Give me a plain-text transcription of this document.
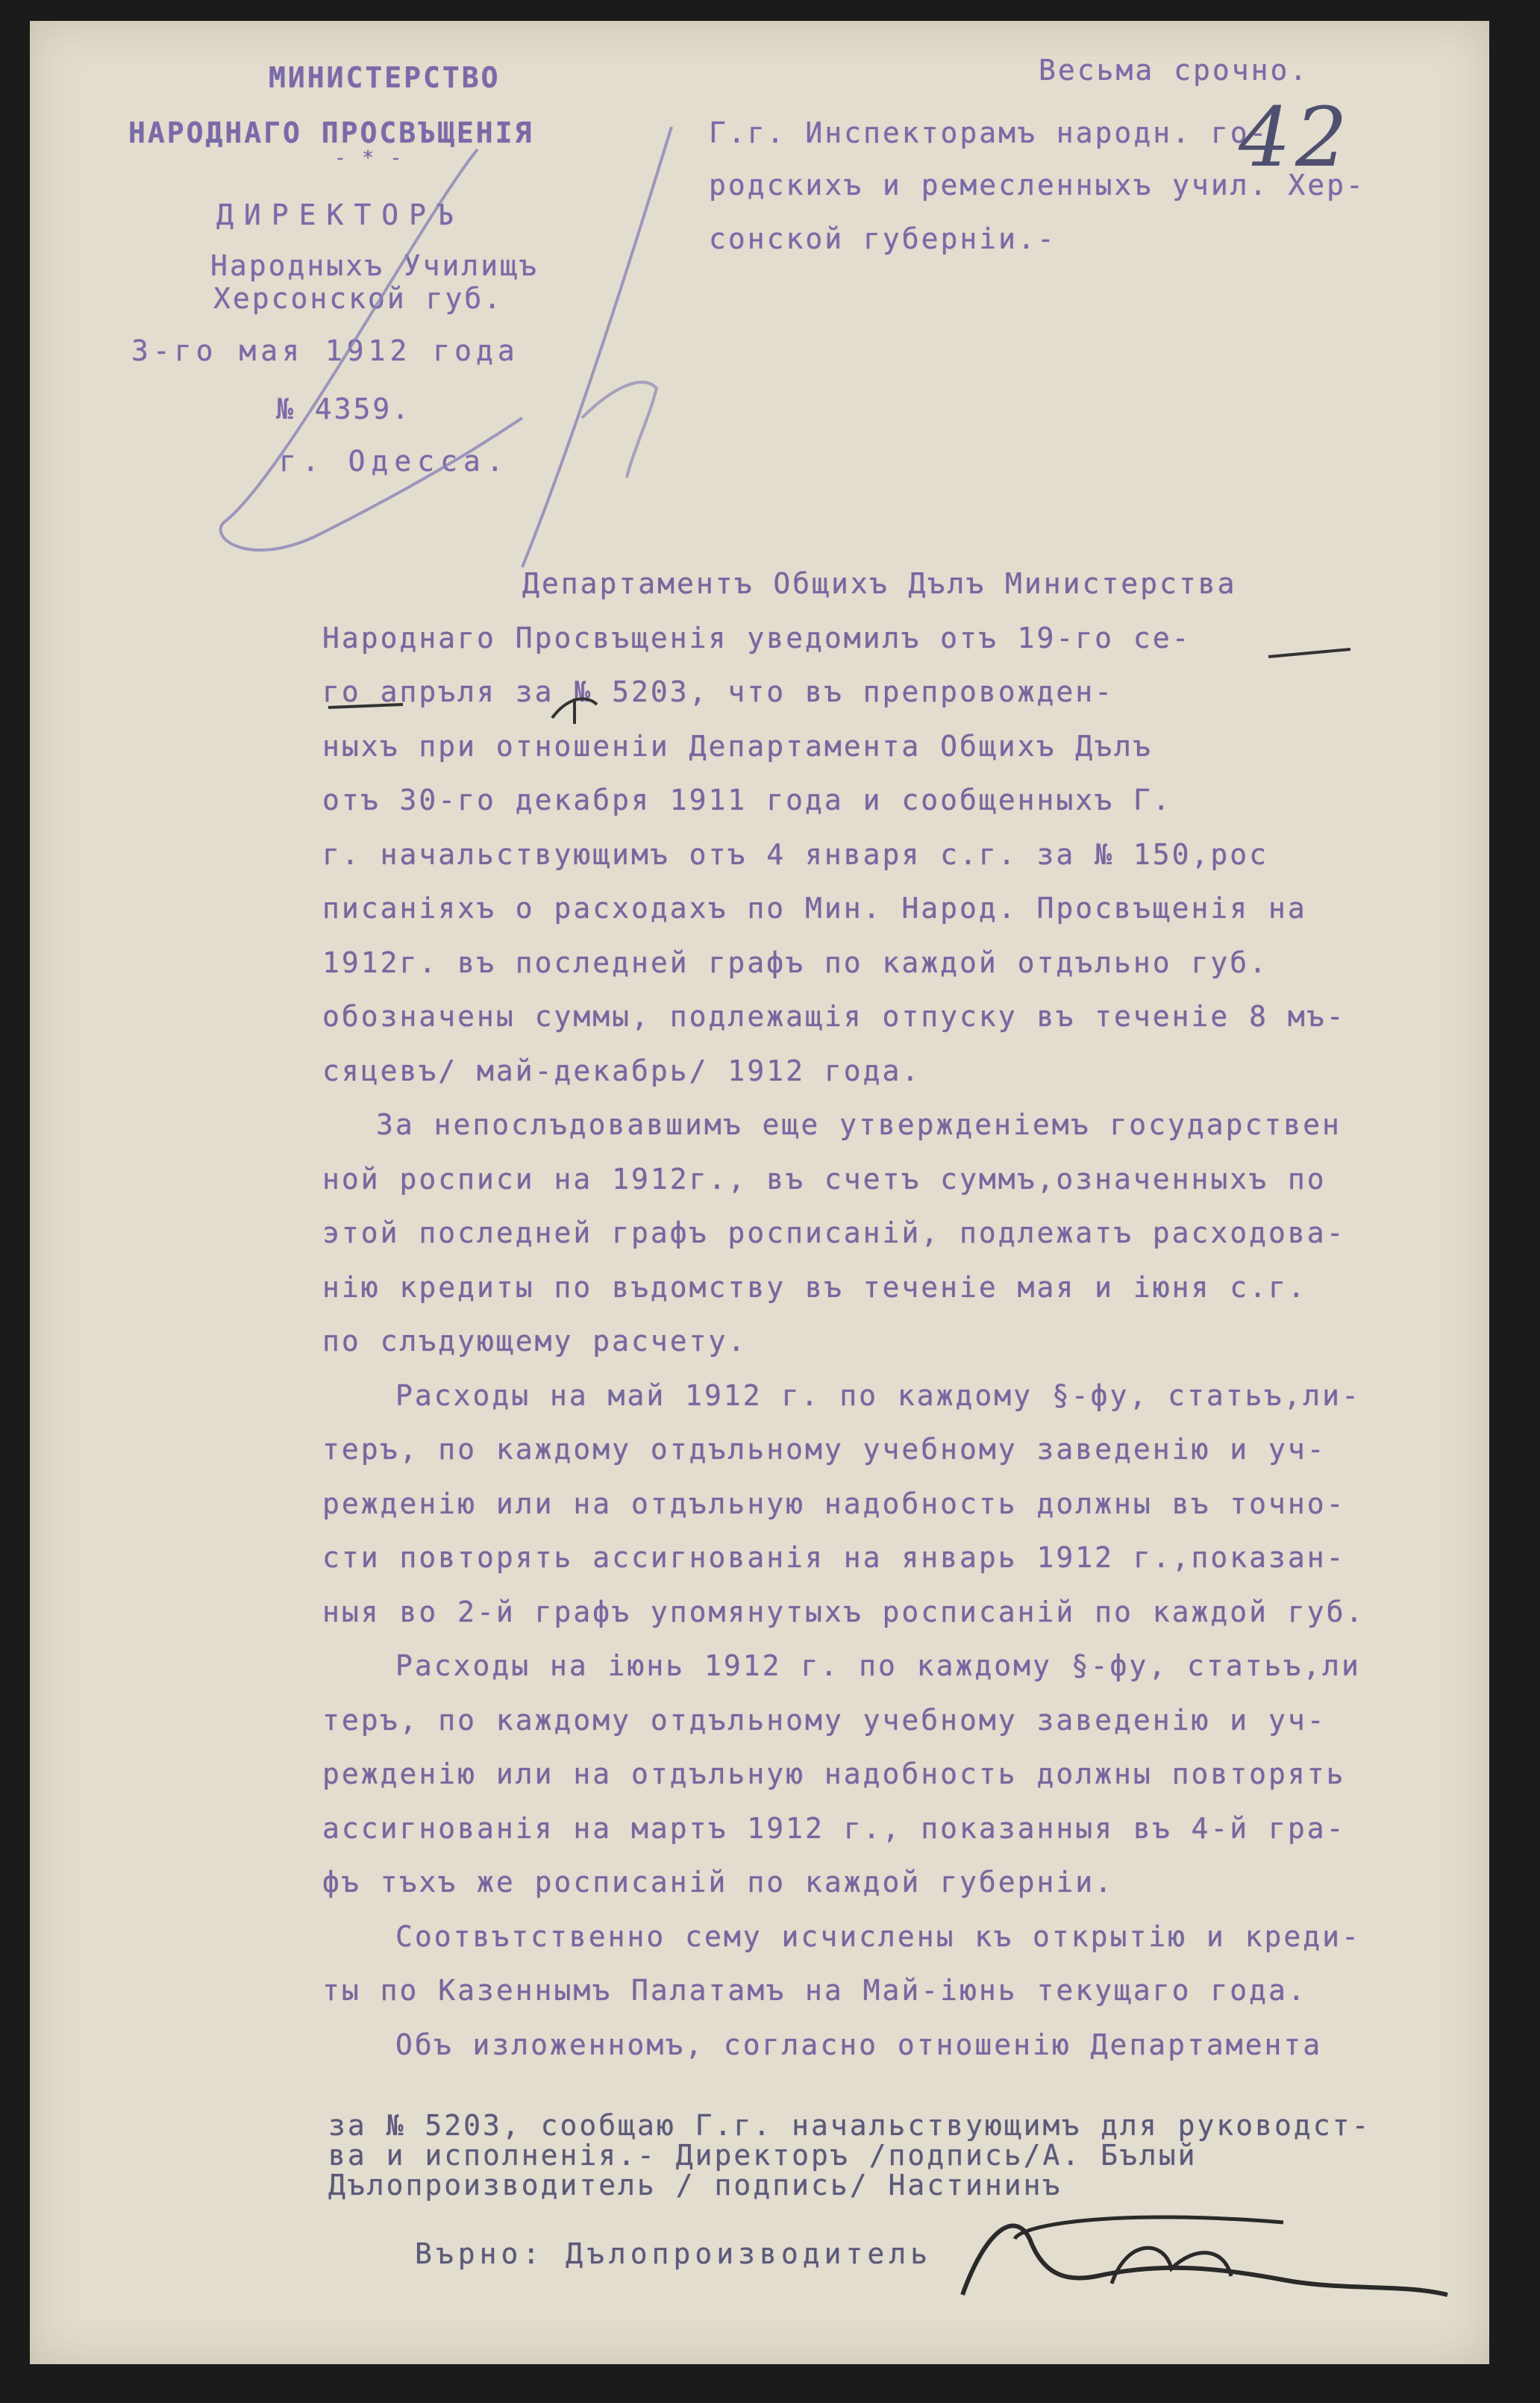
МИНИСТЕРСТВО

НАРОДНАГО ПРОСВЪЩЕНІЯ

- * -

ДИРЕКТОРЪ

Народныхъ Училищъ

Херсонской губ.

3-го мая 1912 года

№ 4359.

г. Одесса.

Весьма срочно.

Г.г. Инспекторамъ народн. го-

родскихъ и ремесленныхъ учил. Хер-

сонской губерніи.-

42

Департаментъ Общихъ Дълъ Министерства

Народнаго Просвъщенія уведомилъ отъ 19-го се-

го апръля за № 5203, что въ препровожден-

ныхъ при отношеніи Департамента Общихъ Дълъ

отъ 30-го декабря 1911 года и сообщенныхъ Г.

г. начальствующимъ отъ 4 января с.г. за № 150,рос

писаніяхъ о расходахъ по Мин. Народ. Просвъщенія на

1912г. въ последней графъ по каждой отдъльно губ.

обозначены суммы, подлежащія отпуску въ теченіе 8 мъ-

сяцевъ/ май-декабрь/ 1912 года.

За непослъдовавшимъ еще утвержденіемъ государствен

ной росписи на 1912г., въ счетъ суммъ,означенныхъ по

этой последней графъ росписаній, подлежатъ расходова-

нію кредиты по въдомству въ теченіе мая и іюня с.г.

по слъдующему расчету.

Расходы на май 1912 г. по каждому §-фу, статьъ,ли-

теръ, по каждому отдъльному учебному заведенію и уч-

режденію или на отдъльную надобность должны въ точно-

сти повторять ассигнованія на январь 1912 г.,показан-

ныя во 2-й графъ упомянутыхъ росписаній по каждой губ.

Расходы на іюнь 1912 г. по каждому §-фу, статьъ,ли

теръ, по каждому отдъльному учебному заведенію и уч-

режденію или на отдъльную надобность должны повторять

ассигнованія на мартъ 1912 г., показанныя въ 4-й гра-

фъ тъхъ же росписаній по каждой губерніи.

Соотвътственно сему исчислены къ открытію и креди-

ты по Казеннымъ Палатамъ на Май-іюнь текущаго года.

Объ изложенномъ, согласно отношенію Департамента

за № 5203, сообщаю Г.г. начальствующимъ для руководст-

ва и исполненія.- Директоръ /подпись/А. Бълый

Дълопроизводитель / подпись/ Настининъ

Върно: Дълопроизводитель
